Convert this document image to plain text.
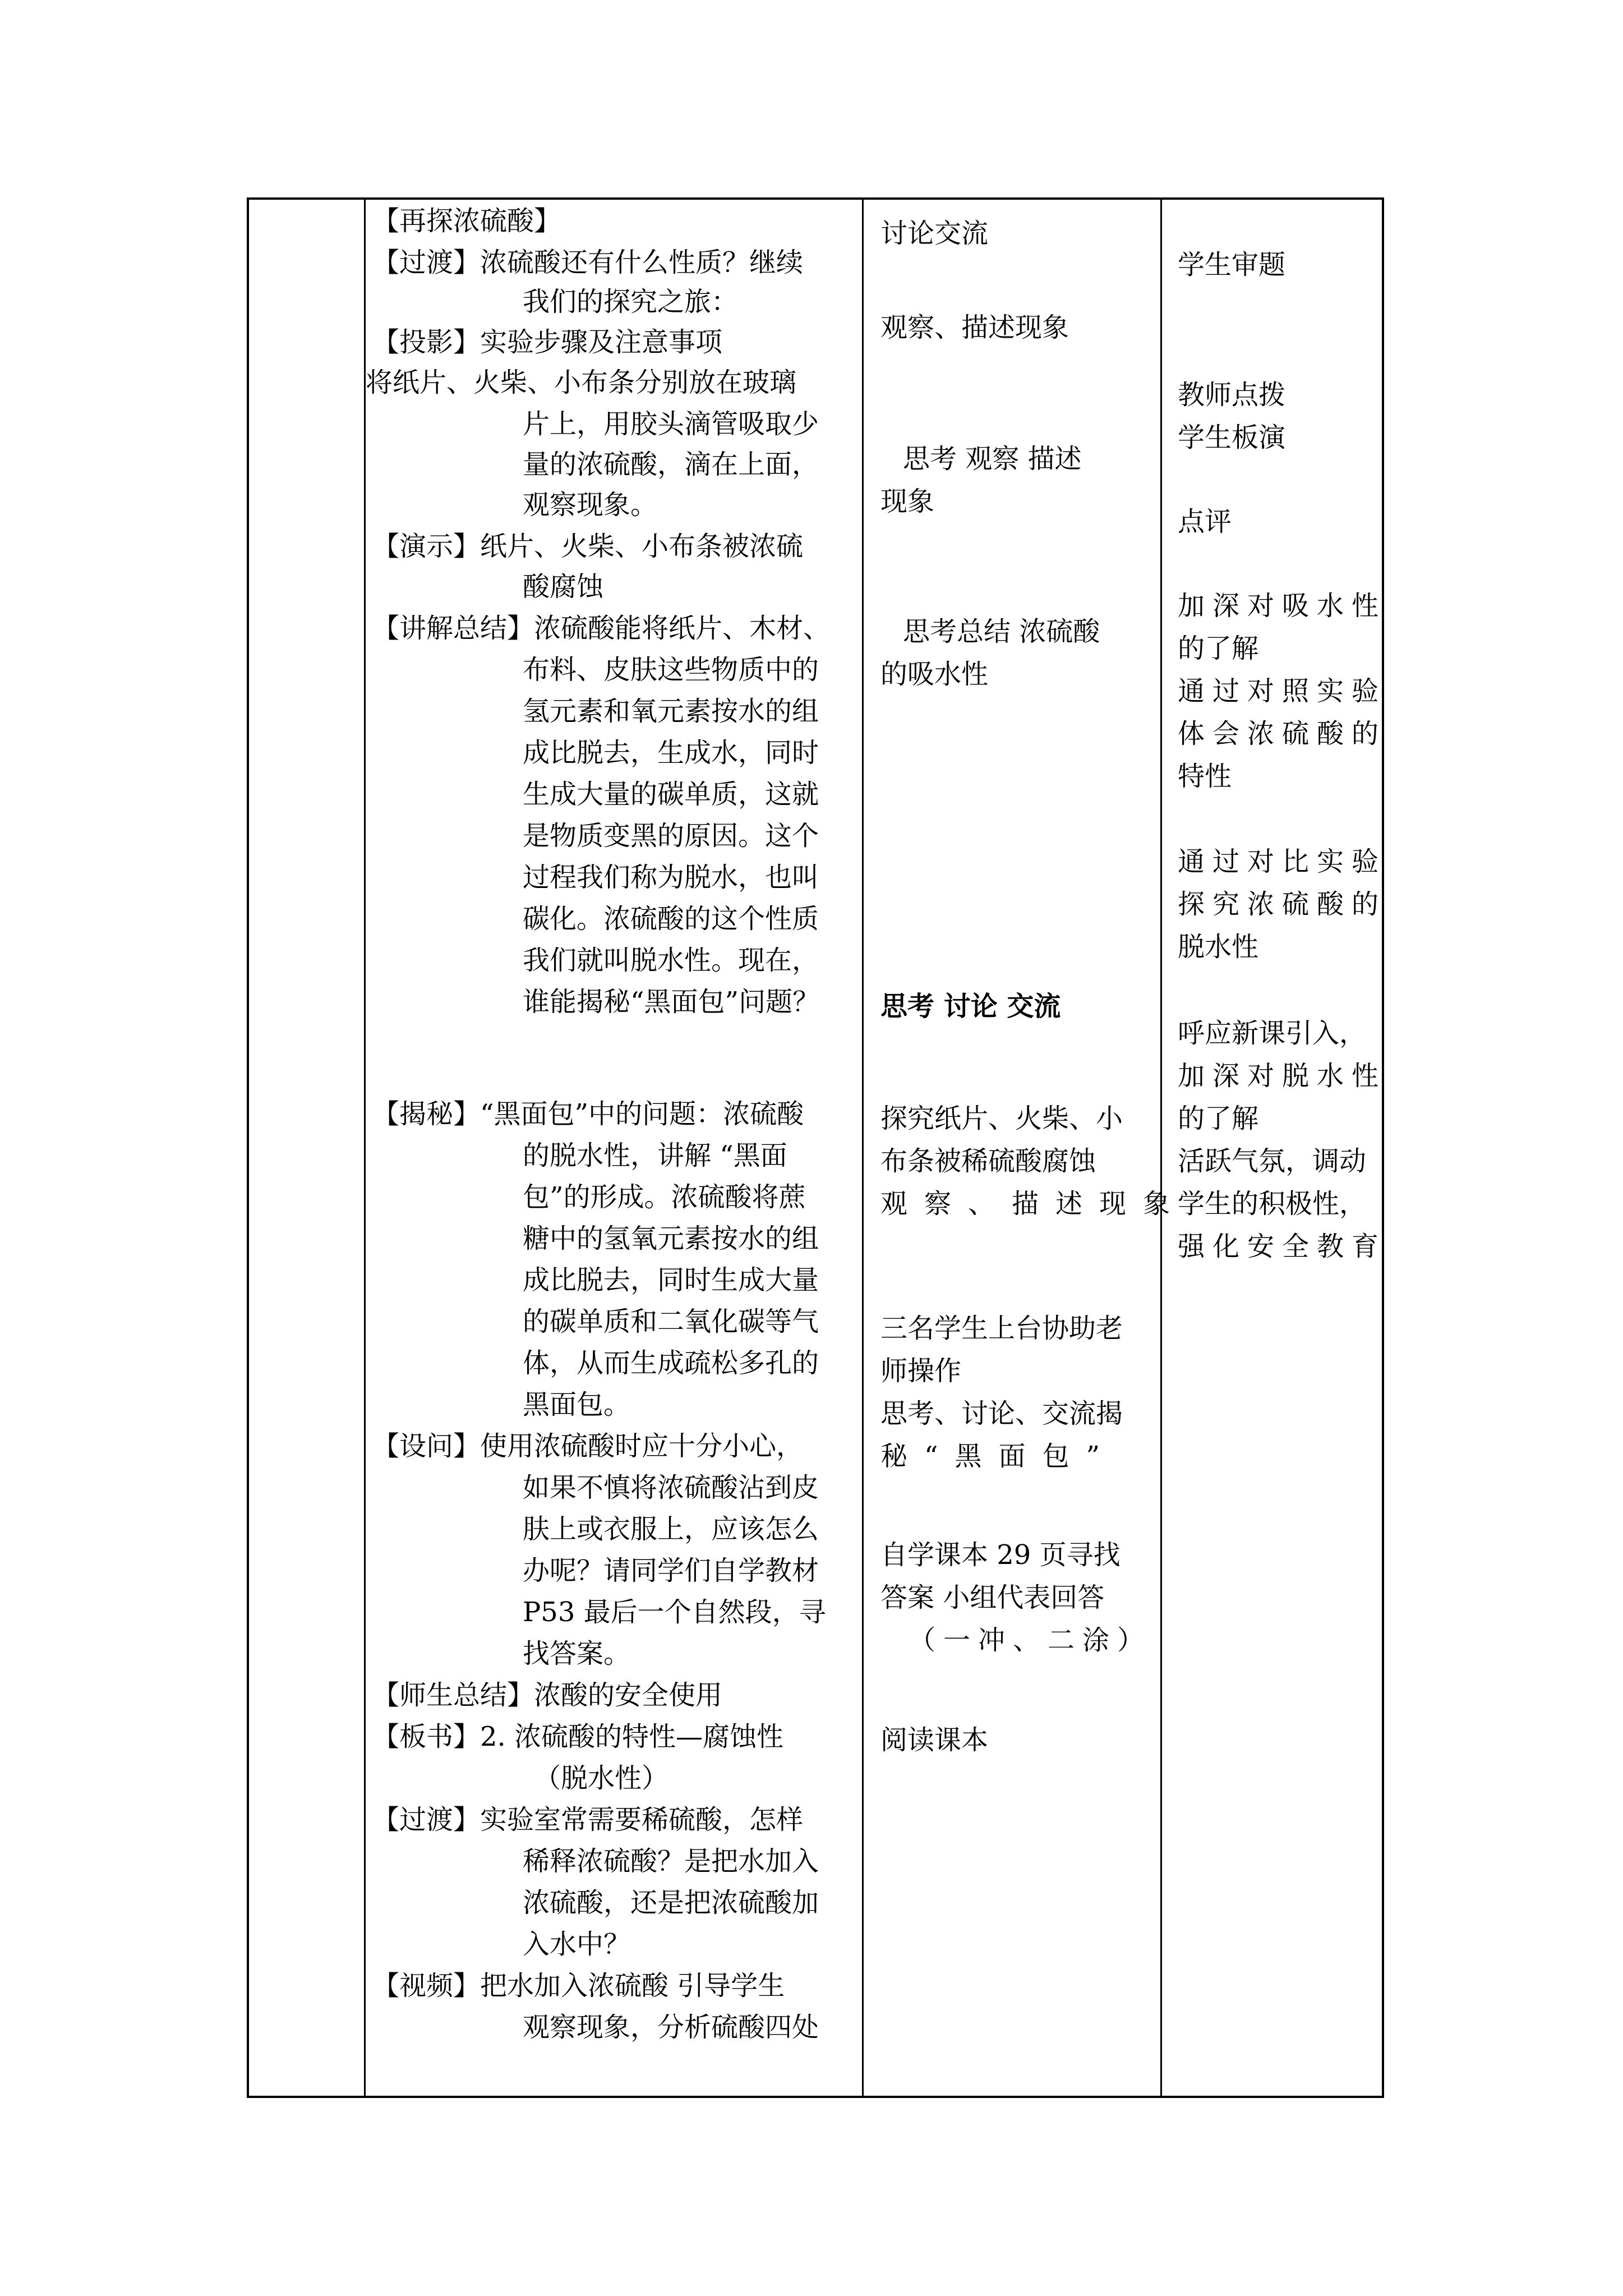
【再探浓硫酸】
【过渡】浓硫酸还有什么性质？继续
我们的探究之旅：
【投影】实验步骤及注意事项
将纸片、火柴、小布条分别放在玻璃
片上，用胶头滴管吸取少
量的浓硫酸，滴在上面，
观察现象。
【演示】纸片、火柴、小布条被浓硫
酸腐蚀
【讲解总结】浓硫酸能将纸片、木材、
布料、皮肤这些物质中的
氢元素和氧元素按水的组
成比脱去，生成水，同时
生成大量的碳单质，这就
是物质变黑的原因。这个
过程我们称为脱水，也叫
碳化。浓硫酸的这个性质
我们就叫脱水性。现在，
谁能揭秘“黑面包”问题？
【揭秘】“黑面包”中的问题：浓硫酸
的脱水性，讲解 “黑面
包”的形成。浓硫酸将蔗
糖中的氢氧元素按水的组
成比脱去，同时生成大量
的碳单质和二氧化碳等气
体，从而生成疏松多孔的
黑面包。
【设问】使用浓硫酸时应十分小心，
如果不慎将浓硫酸沾到皮
肤上或衣服上，应该怎么
办呢？请同学们自学教材
P53 最后一个自然段，寻
找答案。
【师生总结】浓酸的安全使用
【板书】2. 浓硫酸的特性—腐蚀性
（脱水性）
【过渡】实验室常需要稀硫酸，怎样
稀释浓硫酸？是把水加入
浓硫酸，还是把浓硫酸加
入水中？
【视频】把水加入浓硫酸 引导学生
观察现象，分析硫酸四处
讨论交流
观察、描述现象
思考 观察 描述
现象
思考总结 浓硫酸
的吸水性
思考 讨论 交流
探究纸片、火柴、小
布条被稀硫酸腐蚀
观察、描述现象
三名学生上台协助老
师操作
思考、讨论、交流揭
秘“黑面包”
自学课本 29 页寻找
答案 小组代表回答
（一冲、二涂）
阅读课本
学生审题
教师点拨
学生板演
点评
加深对吸水性
的了解
通过对照实验
体会浓硫酸的
特性
通过对比实验
探究浓硫酸的
脱水性
呼应新课引入，
加深对脱水性
的了解
活跃气氛，调动
学生的积极性，
强化安全教育
